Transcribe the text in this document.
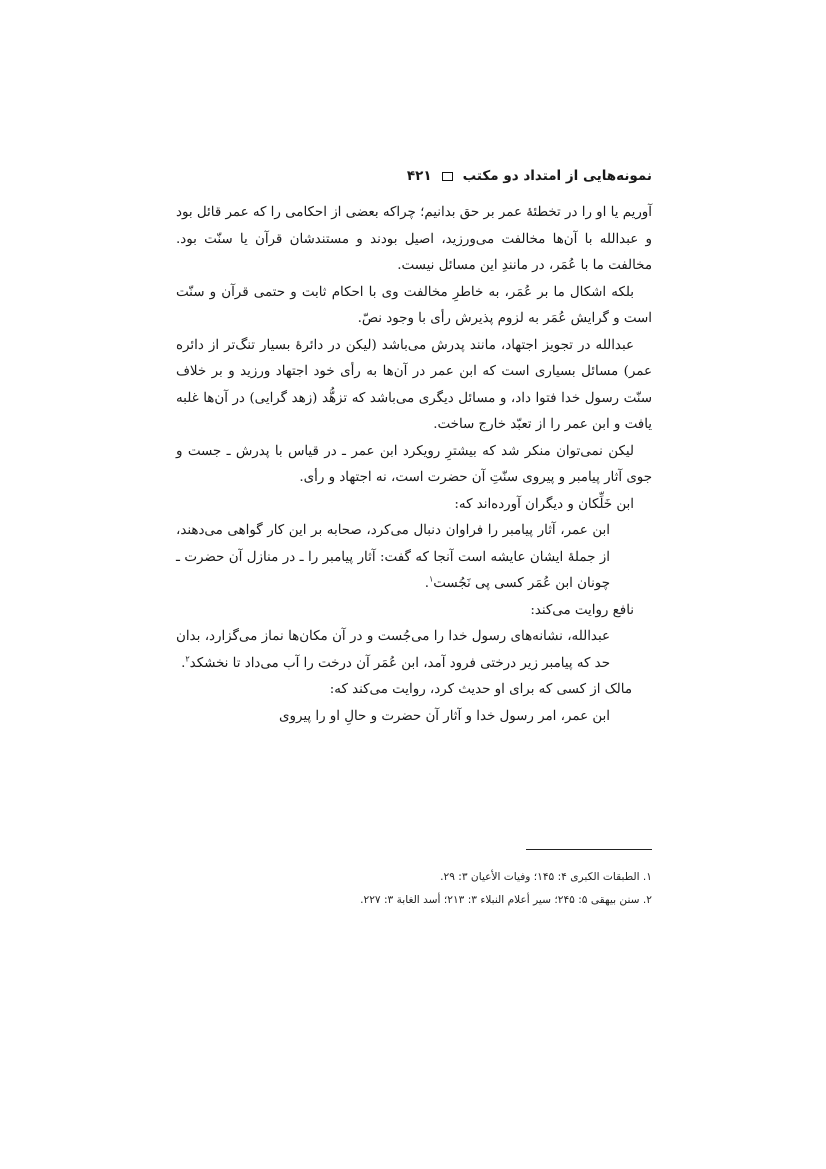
نمونه‌هایی از امتداد دو مکتب
۴۲۱

آوریم یا او را در تخطئهٔ عمر بر حق بدانیم؛ چراکه بعضی از احکامی را که عمر قائل بود و عبدالله با آن‌ها مخالفت می‌ورزید، اصیل بودند و مستندشان قرآن یا سنّت بود. مخالفت ما با عُمَر، در مانندِ این مسائل نیست.

بلکه اشکال ما بر عُمَر، به خاطرِ مخالفت وی با احکام ثابت و حتمی قرآن و سنّت است و گرایش عُمَر به لزوم پذیرش رأی با وجود نصّ.

عبدالله در تجویز اجتهاد، مانند پدرش می‌باشد (لیکن در دائرهٔ بسیار تنگ‌تر از دائره عمر) مسائل بسیاری است که ابن عمر در آن‌ها به رأی خود اجتهاد ورزید و بر خلاف سنّت رسول خدا فتوا داد، و مسائل دیگری می‌باشد که تزهُّد (زهد گرایی) در آن‌ها غلبه یافت و ابن عمر را از تعبّد خارج ساخت.

لیکن نمی‌توان منکر شد که بیشترِ رویکرد ابن عمر ـ در قیاس با پدرش ـ جست و جوی آثار پیامبر و پیروی سنّتِ آن حضرت است، نه اجتهاد و رأی.

ابن خَلِّکان و دیگران آورده‌اند که:

ابن عمر، آثار پیامبر را فراوان دنبال می‌کرد، صحابه بر این کار گواهی می‌دهند، از جملهٔ ایشان عایشه است آنجا که گفت: آثار پیامبر را ـ در منازل آن حضرت ـ چونان ابن عُمَر کسی پی نَجُست$^۱$.

نافع روایت می‌کند:

عبدالله، نشانه‌های رسول خدا را می‌جُست و در آن مکان‌ها نماز می‌گزارد، بدان حد که پیامبر زیر درختی فرود آمد، ابن عُمَر آن درخت را آب می‌داد تا نخشکد$^۲$.

مالک از کسی که برای او حدیث کرد، روایت می‌کند که:

ابن عمر، امر رسول خدا و آثار آن حضرت و حالِ او را پیروی

۱. الطبقات الکبری ۴: ۱۴۵؛ وفیات الأعیان ۳: ۲۹.

۲. سنن بیهقی ۵: ۲۴۵؛ سیر أعلام النبلاء ۳: ۲۱۳؛ أسد الغابة ۳: ۲۲۷.
